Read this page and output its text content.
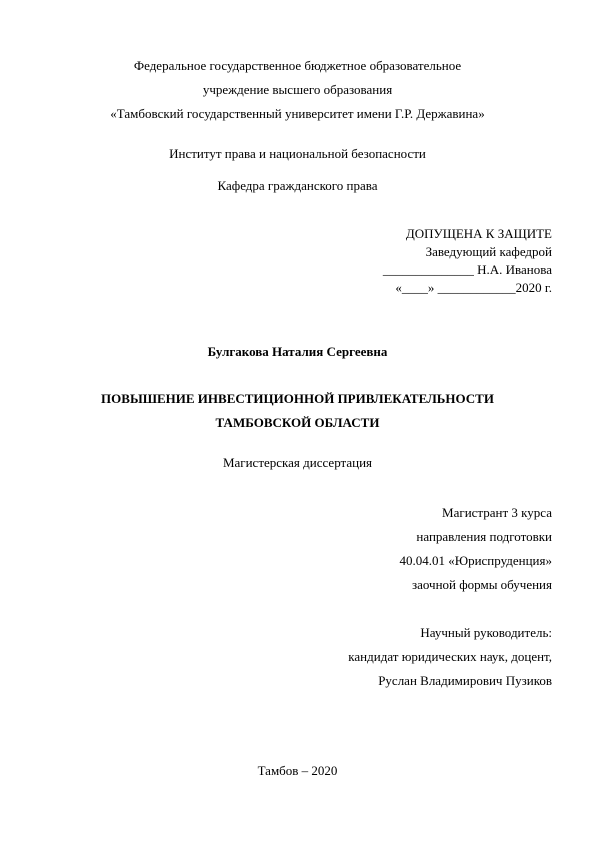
Федеральное государственное бюджетное образовательное
учреждение высшего образования
«Тамбовский государственный университет имени Г.Р. Державина»
Институт права и национальной безопасности
Кафедра гражданского права
ДОПУЩЕНА К ЗАЩИТЕ
Заведующий кафедрой
______________ Н.А. Иванова
«____» ____________2020 г.
Булгакова Наталия Сергеевна
ПОВЫШЕНИЕ ИНВЕСТИЦИОННОЙ ПРИВЛЕКАТЕЛЬНОСТИ
ТАМБОВСКОЙ ОБЛАСТИ
Магистерская диссертация
Магистрант 3 курса
направления подготовки
40.04.01 «Юриспруденция»
заочной формы обучения
Научный руководитель:
кандидат юридических наук, доцент,
Руслан Владимирович Пузиков
Тамбов – 2020
